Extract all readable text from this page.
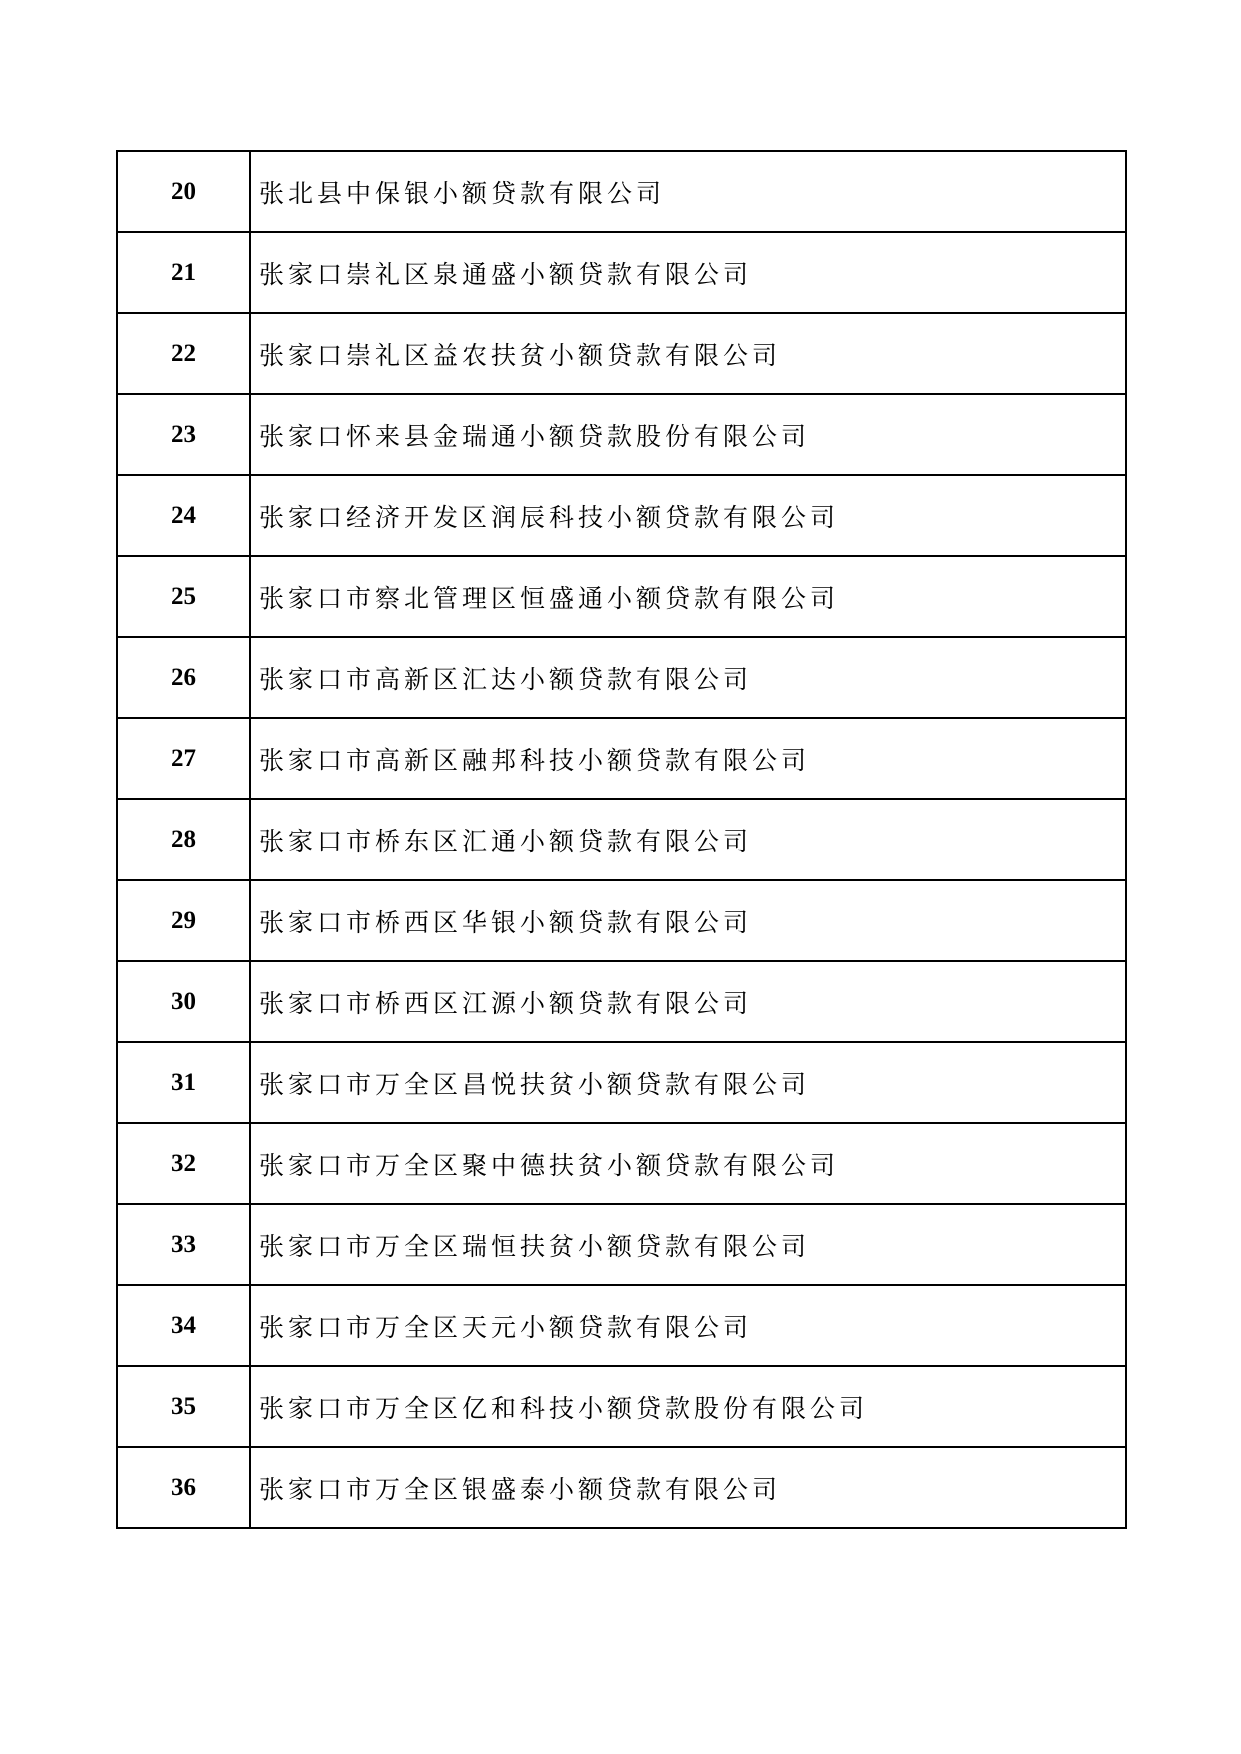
20	张北县中保银小额贷款有限公司
21	张家口崇礼区泉通盛小额贷款有限公司
22	张家口崇礼区益农扶贫小额贷款有限公司
23	张家口怀来县金瑞通小额贷款股份有限公司
24	张家口经济开发区润辰科技小额贷款有限公司
25	张家口市察北管理区恒盛通小额贷款有限公司
26	张家口市高新区汇达小额贷款有限公司
27	张家口市高新区融邦科技小额贷款有限公司
28	张家口市桥东区汇通小额贷款有限公司
29	张家口市桥西区华银小额贷款有限公司
30	张家口市桥西区江源小额贷款有限公司
31	张家口市万全区昌悦扶贫小额贷款有限公司
32	张家口市万全区聚中德扶贫小额贷款有限公司
33	张家口市万全区瑞恒扶贫小额贷款有限公司
34	张家口市万全区天元小额贷款有限公司
35	张家口市万全区亿和科技小额贷款股份有限公司
36	张家口市万全区银盛泰小额贷款有限公司
